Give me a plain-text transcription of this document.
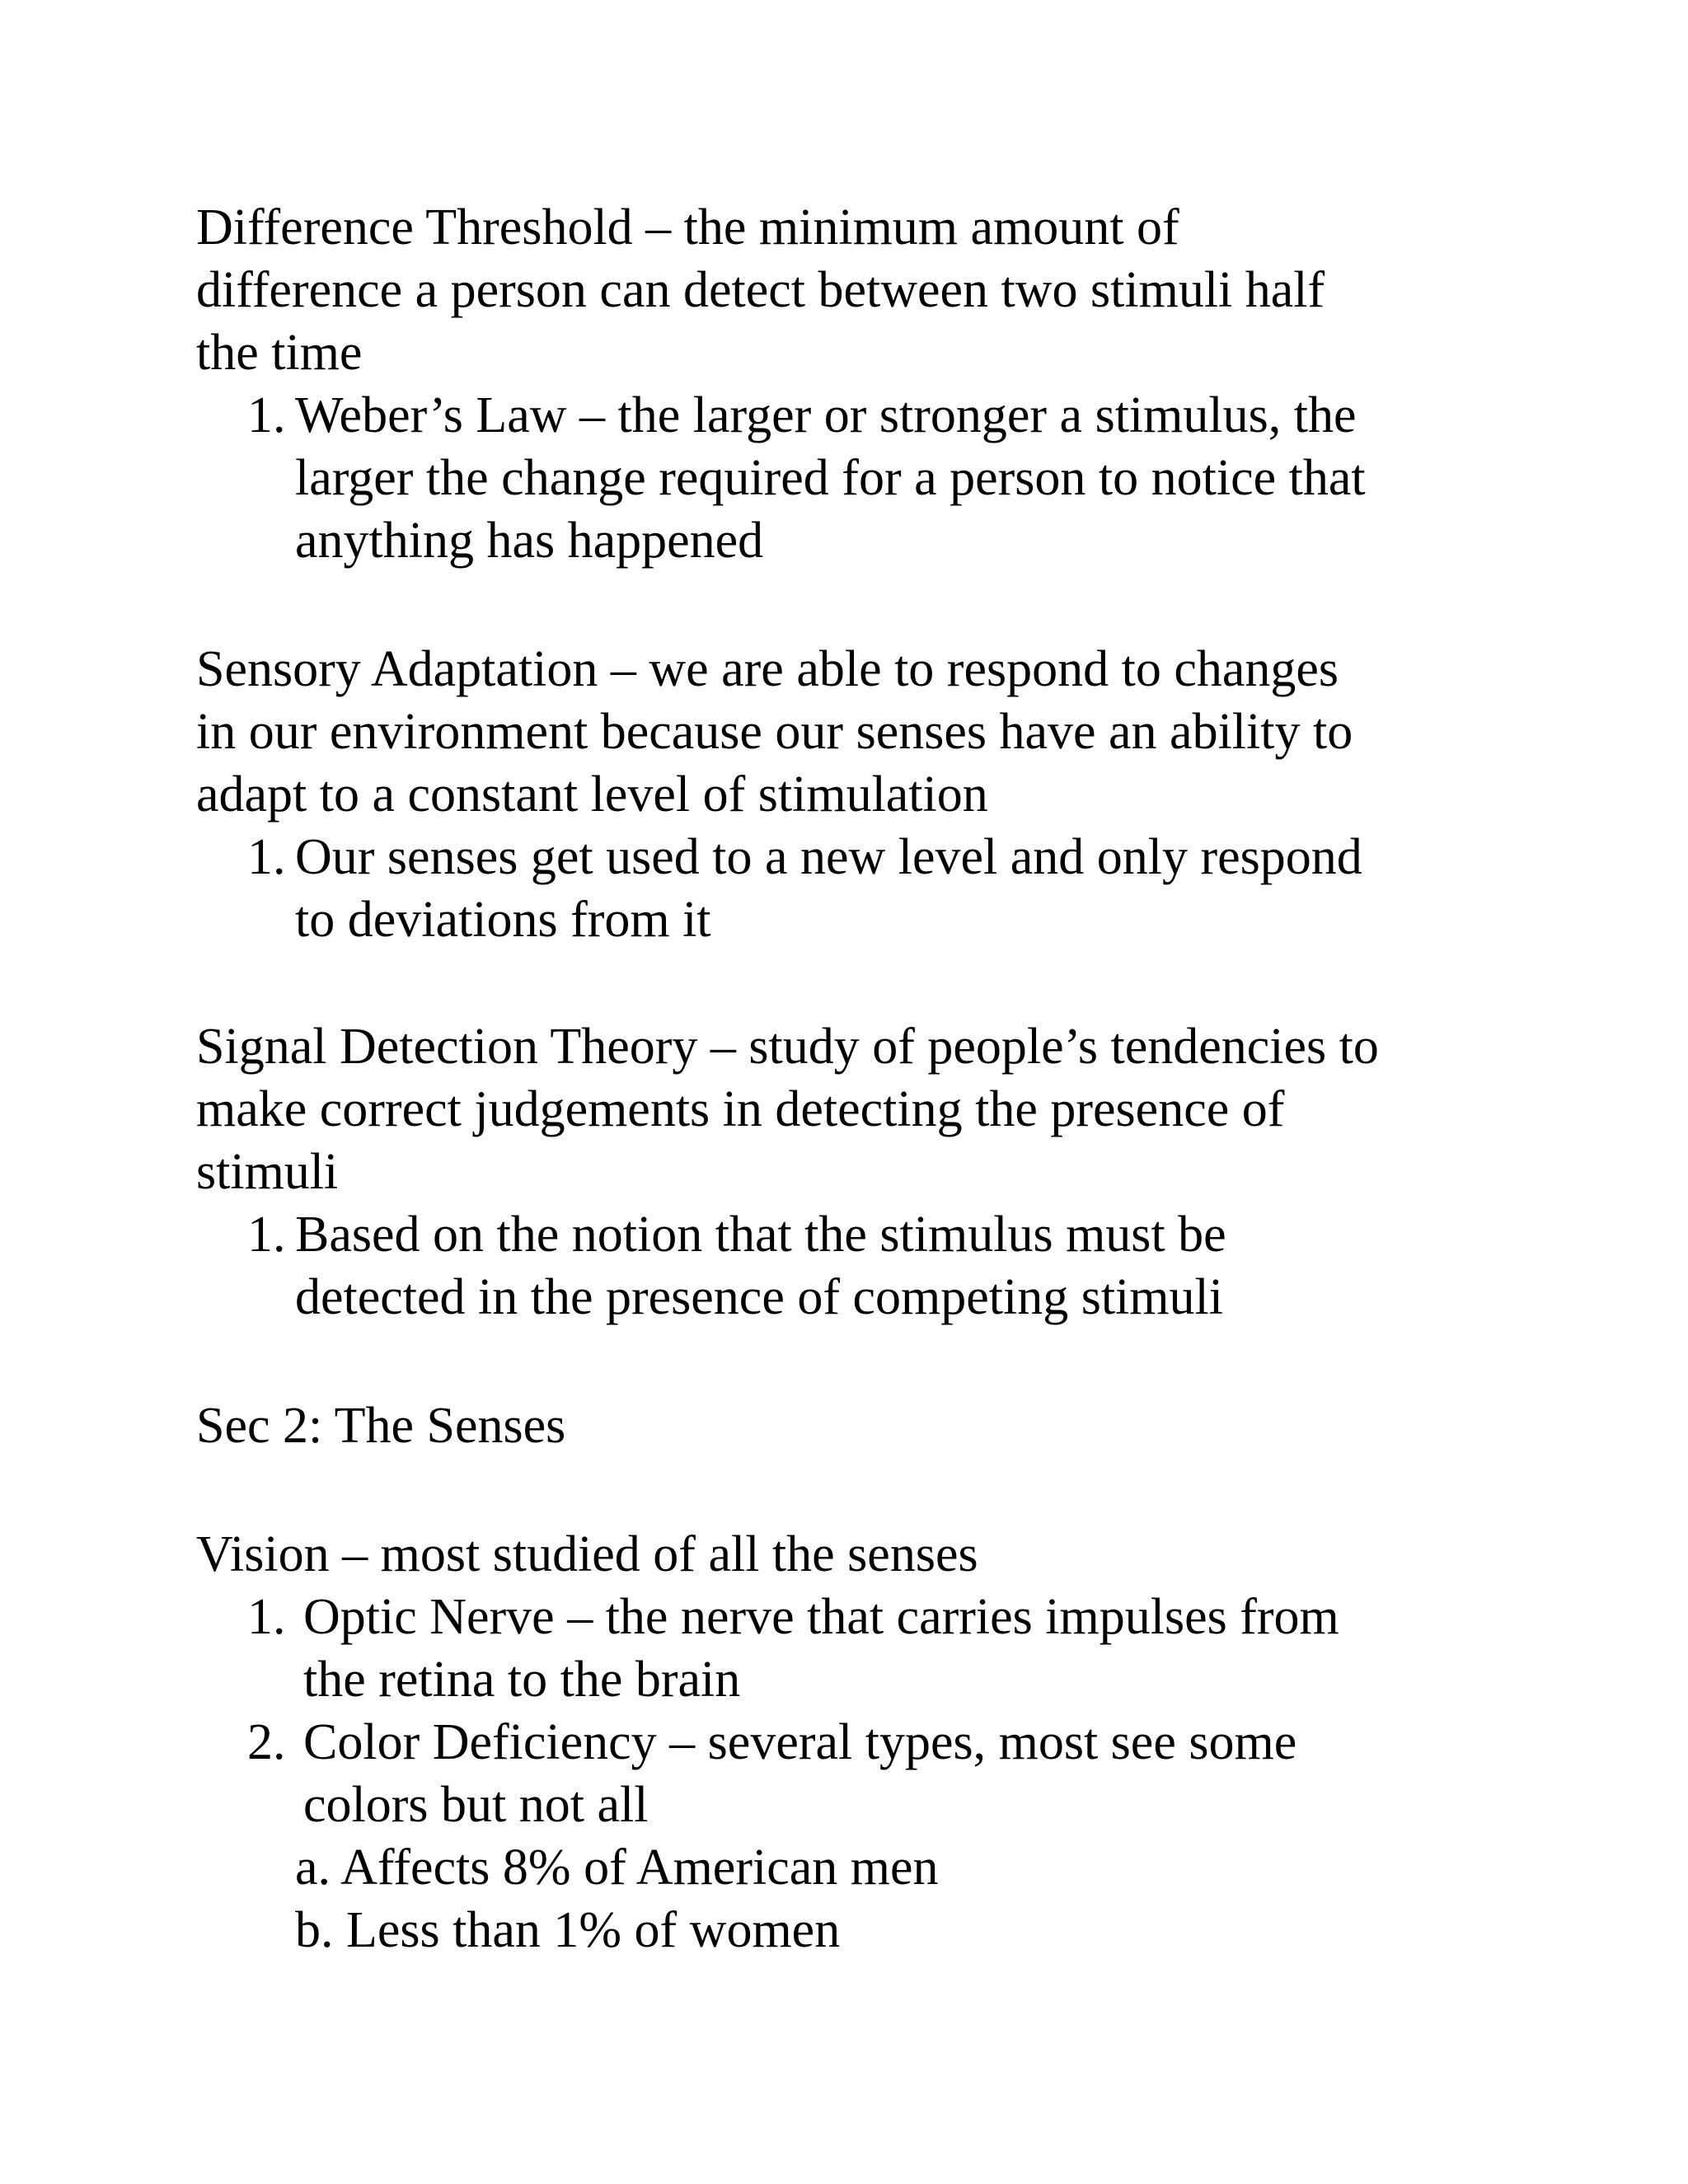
Difference Threshold – the minimum amount of
difference a person can detect between two stimuli half
the time
1. Weber’s Law – the larger or stronger a stimulus, the
larger the change required for a person to notice that
anything has happened
Sensory Adaptation – we are able to respond to changes
in our environment because our senses have an ability to
adapt to a constant level of stimulation
1. Our senses get used to a new level and only respond
to deviations from it
Signal Detection Theory – study of people’s tendencies to
make correct judgements in detecting the presence of
stimuli
1. Based on the notion that the stimulus must be
detected in the presence of competing stimuli
Sec 2: The Senses
Vision – most studied of all the senses
1. Optic Nerve – the nerve that carries impulses from
the retina to the brain
2. Color Deficiency – several types, most see some
colors but not all
a. Affects 8% of American men
b. Less than 1% of women
